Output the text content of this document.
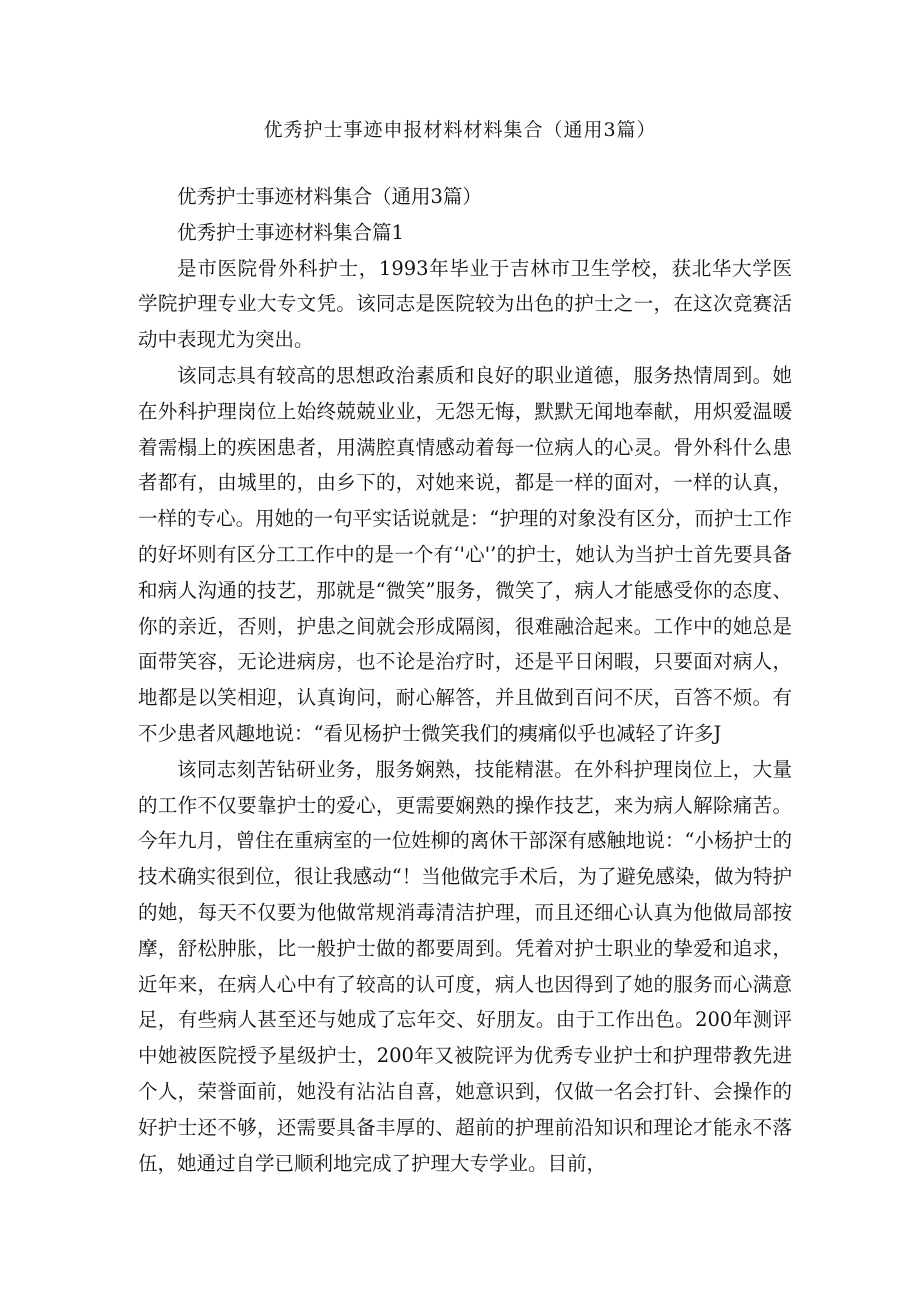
优秀护士事迹申报材料材料集合（通用3篇）

优秀护士事迹材料集合（通用3篇）

优秀护士事迹材料集合篇1

是市医院骨外科护士，1993年毕业于吉林市卫生学校，获北华大学医学院护理专业大专文凭。该同志是医院较为出色的护士之一，在这次竞赛活动中表现尤为突出。

该同志具有较高的思想政治素质和良好的职业道德，服务热情周到。她在外科护理岗位上始终兢兢业业，无怨无悔，默默无闻地奉献，用炽爱温暖着需榻上的疾困患者，用满腔真情感动着每一位病人的心灵。骨外科什么患者都有，由城里的，由乡下的，对她来说，都是一样的面对，一样的认真，一样的专心。用她的一句平实话说就是：“护理的对象没有区分，而护士工作的好坏则有区分工工作中的是一个有‘'心'’的护士，她认为当护士首先要具备和病人沟通的技艺，那就是“微笑”服务，微笑了，病人才能感受你的态度、你的亲近，否则，护患之间就会形成隔阂，很难融洽起来。工作中的她总是面带笑容，无论进病房，也不论是治疗时，还是平日闲暇，只要面对病人，地都是以笑相迎，认真询问，耐心解答，并且做到百问不厌，百答不烦。有不少患者风趣地说：“看见杨护士微笑我们的痍痛似乎也减轻了许多J

该同志刻苦钻研业务，服务娴熟，技能精湛。在外科护理岗位上，大量的工作不仅要靠护士的爱心，更需要娴熟的操作技艺，来为病人解除痛苦。今年九月，曾住在重病室的一位姓柳的离休干部深有感触地说：“小杨护士的技术确实很到位，很让我感动“！当他做完手术后，为了避免感染，做为特护的她，每天不仅要为他做常规消毒清洁护理，而且还细心认真为他做局部按摩，舒松肿胀，比一般护士做的都要周到。凭着对护士职业的挚爱和追求，近年来，在病人心中有了较高的认可度，病人也因得到了她的服务而心满意足，有些病人甚至还与她成了忘年交、好朋友。由于工作出色。200年测评中她被医院授予星级护士，200年又被院评为优秀专业护士和护理带教先进个人，荣誉面前，她没有沾沾自喜，她意识到，仅做一名会打针、会操作的好护士还不够，还需要具备丰厚的、超前的护理前沿知识和理论才能永不落伍，她通过自学已顺利地完成了护理大专学业。目前，
